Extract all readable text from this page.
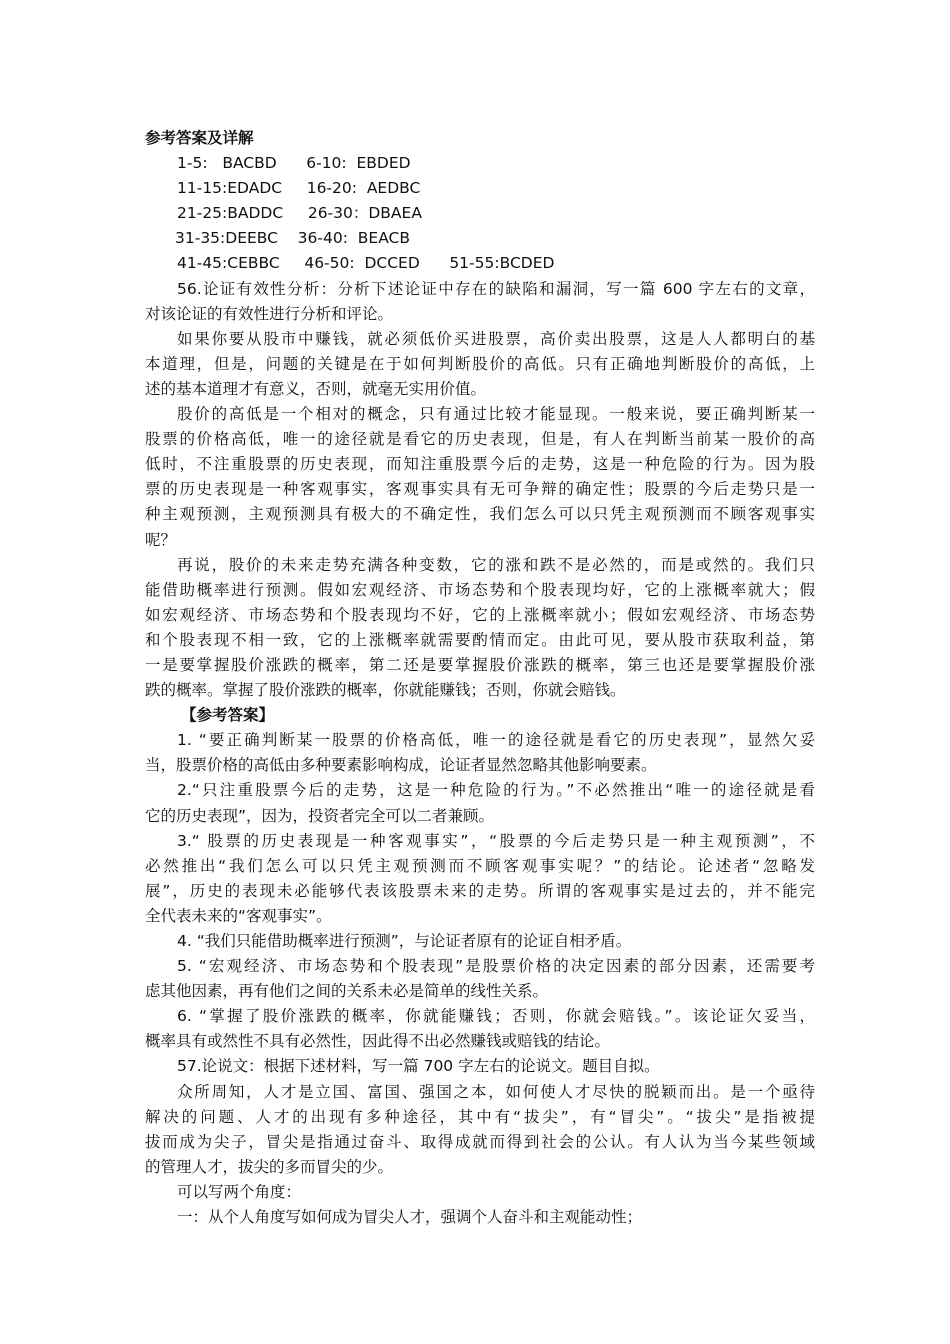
参考答案及详解
1-5:   BACBD      6-10:  EBDED
11-15:EDADC     16-20:  AEDBC
21-25:BADDC     26-30：DBAEA
31-35:DEEBC    36-40:  BEACB
41-45:CEBBC     46-50:  DCCED      51-55:BCDED
56.论证有效性分析：分析下述论证中存在的缺陷和漏洞，写一篇 600 字左右的文章，
对该论证的有效性进行分析和评论。
如果你要从股市中赚钱，就必须低价买进股票，高价卖出股票，这是人人都明白的基
本道理，但是，问题的关键是在于如何判断股价的高低。只有正确地判断股价的高低，上
述的基本道理才有意义，否则，就毫无实用价值。
股价的高低是一个相对的概念，只有通过比较才能显现。一般来说，要正确判断某一
股票的价格高低，唯一的途径就是看它的历史表现，但是，有人在判断当前某一股价的高
低时，不注重股票的历史表现，而知注重股票今后的走势，这是一种危险的行为。因为股
票的历史表现是一种客观事实，客观事实具有无可争辩的确定性；股票的今后走势只是一
种主观预测，主观预测具有极大的不确定性，我们怎么可以只凭主观预测而不顾客观事实
呢？
再说，股价的未来走势充满各种变数，它的涨和跌不是必然的，而是或然的。我们只
能借助概率进行预测。假如宏观经济、市场态势和个股表现均好，它的上涨概率就大；假
如宏观经济、市场态势和个股表现均不好，它的上涨概率就小；假如宏观经济、市场态势
和个股表现不相一致，它的上涨概率就需要酌情而定。由此可见，要从股市获取利益，第
一是要掌握股价涨跌的概率，第二还是要掌握股价涨跌的概率，第三也还是要掌握股价涨
跌的概率。掌握了股价涨跌的概率，你就能赚钱；否则，你就会赔钱。
【参考答案】
1. “要正确判断某一股票的价格高低，唯一的途径就是看它的历史表现”，显然欠妥
当，股票价格的高低由多种要素影响构成，论证者显然忽略其他影响要素。
2.“只注重股票今后的走势，这是一种危险的行为。”不必然推出“唯一的途径就是看
它的历史表现”，因为，投资者完全可以二者兼顾。
3.“ 股票的历史表现是一种客观事实”，“股票的今后走势只是一种主观预测”，不
必然推出“我们怎么可以只凭主观预测而不顾客观事实呢？”的结论。论述者“忽略发
展”，历史的表现未必能够代表该股票未来的走势。所谓的客观事实是过去的，并不能完
全代表未来的“客观事实”。
4. “我们只能借助概率进行预测”，与论证者原有的论证自相矛盾。
5. “宏观经济、市场态势和个股表现”是股票价格的决定因素的部分因素，还需要考
虑其他因素，再有他们之间的关系未必是简单的线性关系。
6. “掌握了股价涨跌的概率，你就能赚钱；否则，你就会赔钱。”。该论证欠妥当，
概率具有或然性不具有必然性，因此得不出必然赚钱或赔钱的结论。
57.论说文：根据下述材料，写一篇 700 字左右的论说文。题目自拟。
众所周知，人才是立国、富国、强国之本，如何使人才尽快的脱颖而出。是一个亟待
解决的问题、人才的出现有多种途径，其中有“拔尖”，有“冒尖”。“拔尖”是指被提
拔而成为尖子，冒尖是指通过奋斗、取得成就而得到社会的公认。有人认为当今某些领域
的管理人才，拔尖的多而冒尖的少。
可以写两个角度：
一：从个人角度写如何成为冒尖人才，强调个人奋斗和主观能动性；
